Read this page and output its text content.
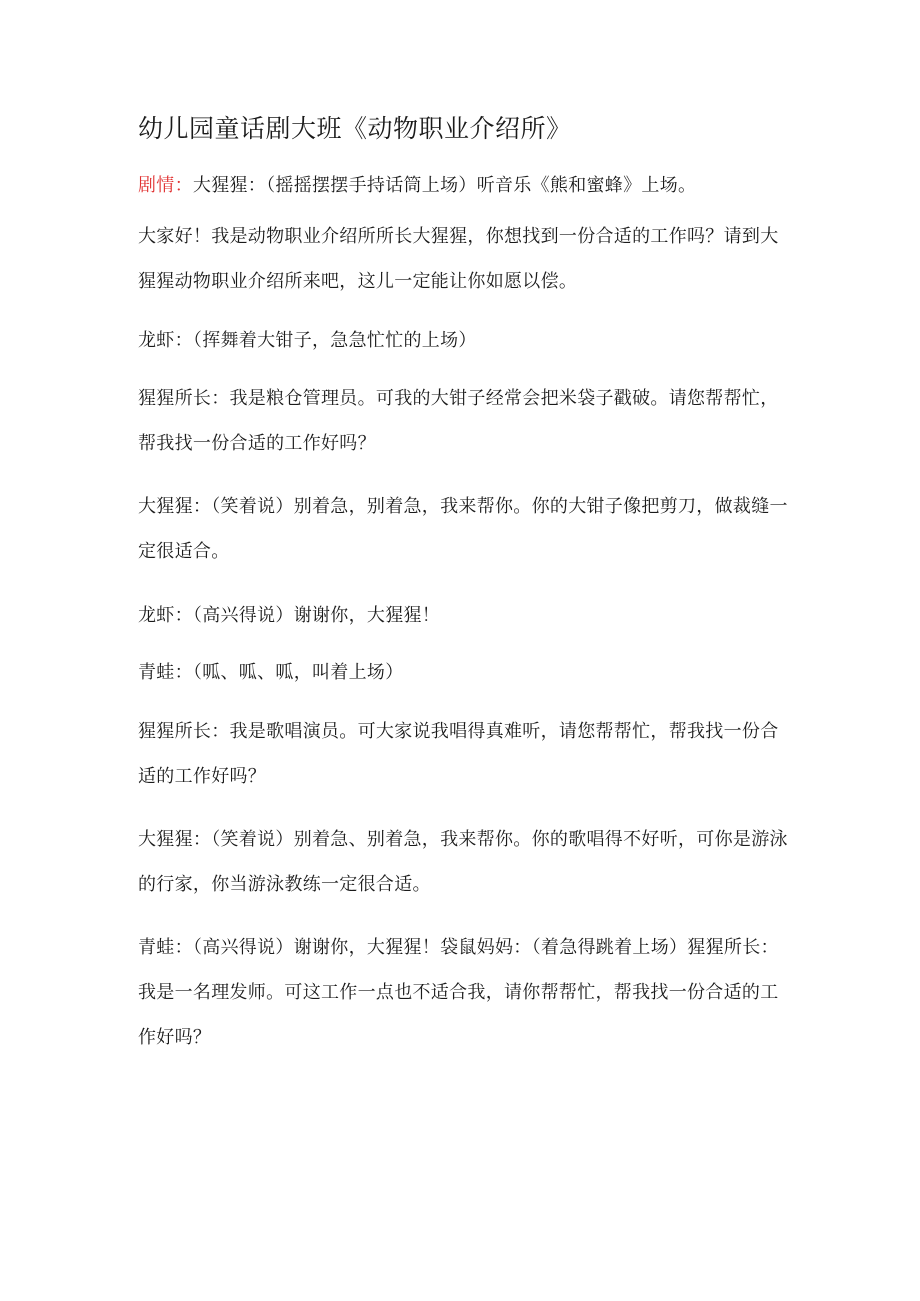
幼儿园童话剧大班《动物职业介绍所》

剧情：大猩猩：（摇摇摆摆手持话筒上场）听音乐《熊和蜜蜂》上场。

大家好！我是动物职业介绍所所长大猩猩，你想找到一份合适的工作吗？请到大猩猩动物职业介绍所来吧，这儿一定能让你如愿以偿。

龙虾：（挥舞着大钳子，急急忙忙的上场）

猩猩所长：我是粮仓管理员。可我的大钳子经常会把米袋子戳破。请您帮帮忙，帮我找一份合适的工作好吗？

大猩猩：（笑着说）别着急，别着急，我来帮你。你的大钳子像把剪刀，做裁缝一定很适合。

龙虾：（高兴得说）谢谢你，大猩猩！

青蛙：（呱、呱、呱，叫着上场）

猩猩所长：我是歌唱演员。可大家说我唱得真难听，请您帮帮忙，帮我找一份合适的工作好吗？

大猩猩：（笑着说）别着急、别着急，我来帮你。你的歌唱得不好听，可你是游泳的行家，你当游泳教练一定很合适。

青蛙：（高兴得说）谢谢你，大猩猩！袋鼠妈妈：（着急得跳着上场）猩猩所长：我是一名理发师。可这工作一点也不适合我，请你帮帮忙，帮我找一份合适的工作好吗？
